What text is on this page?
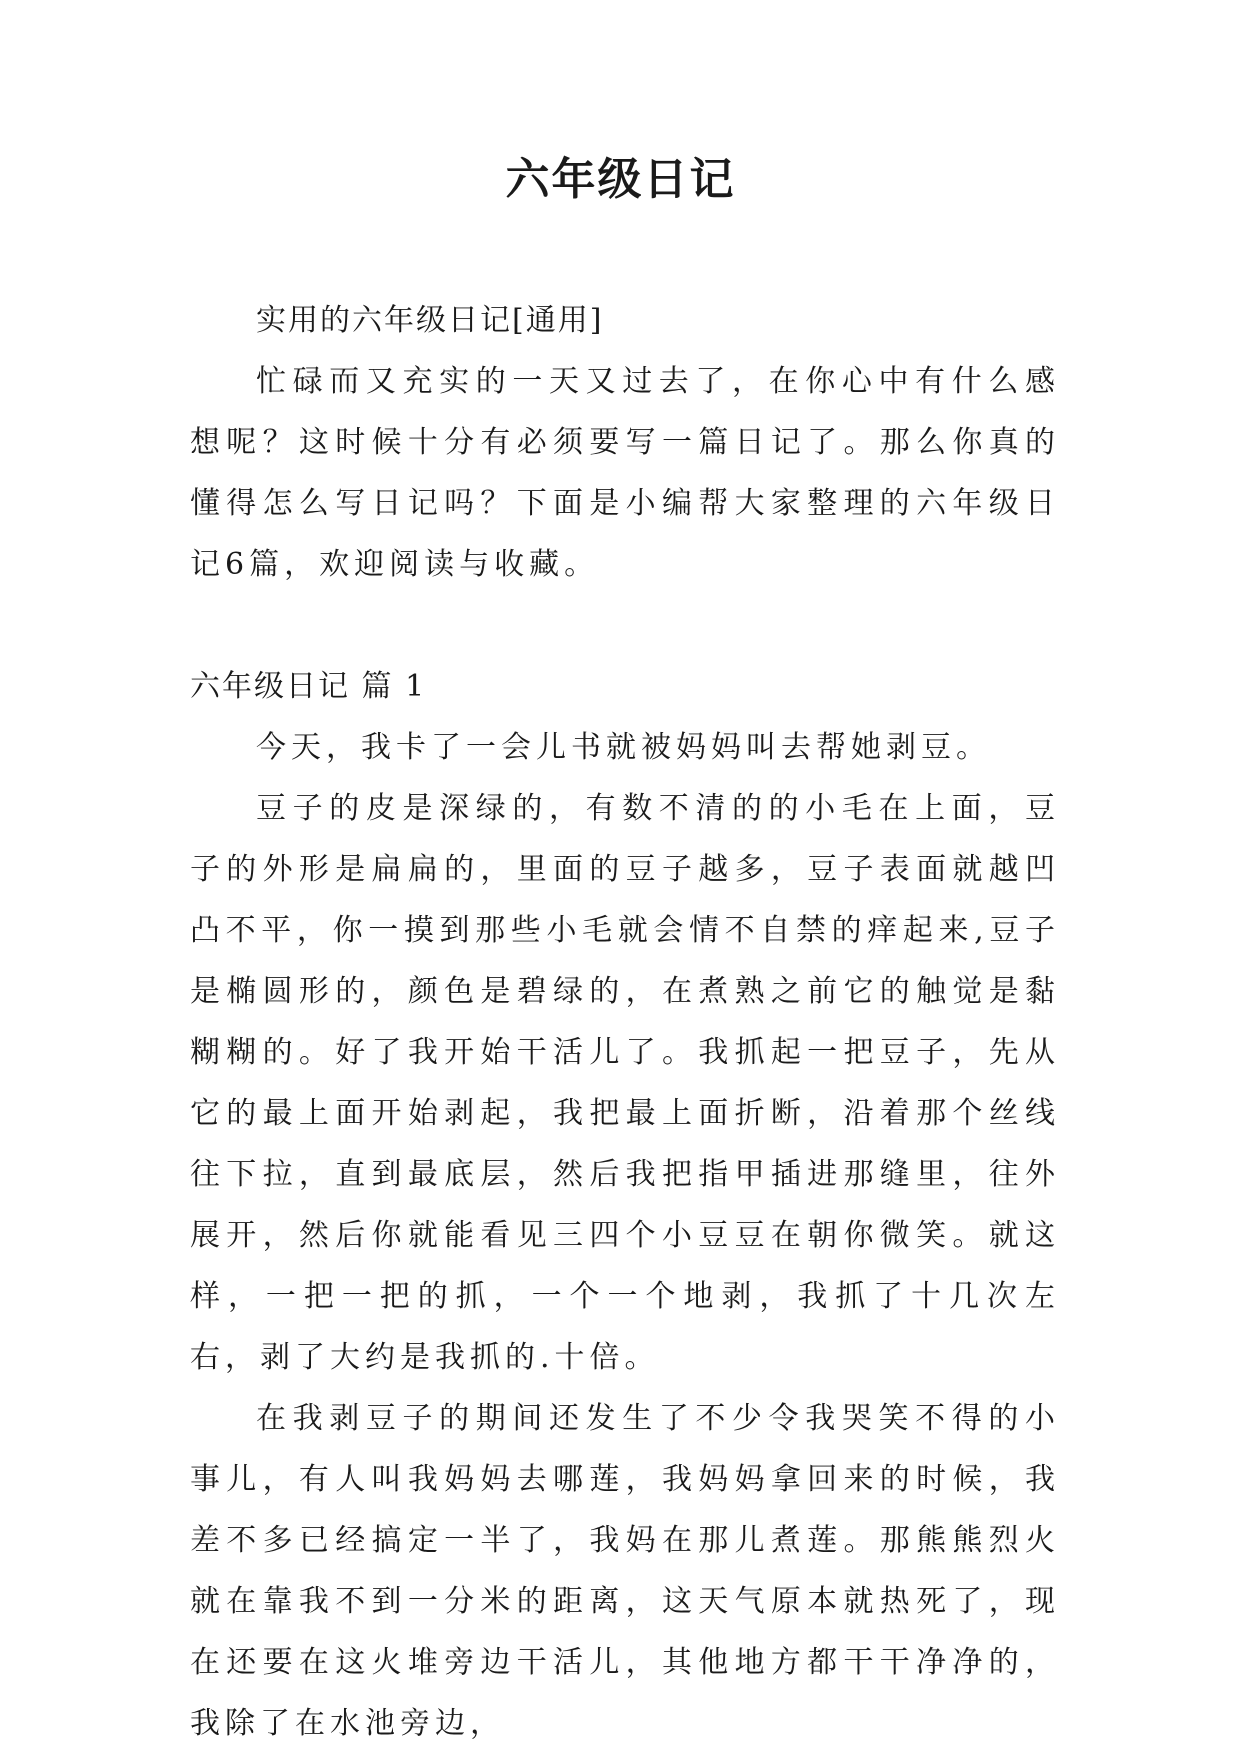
六年级日记

实用的六年级日记[通用]

忙碌而又充实的一天又过去了，在你心中有什么感想呢？这时候十分有必须要写一篇日记了。那么你真的懂得怎么写日记吗？下面是小编帮大家整理的六年级日记6篇，欢迎阅读与收藏。

六年级日记 篇 1

今天，我卡了一会儿书就被妈妈叫去帮她剥豆。

豆子的皮是深绿的，有数不清的的小毛在上面，豆子的外形是扁扁的，里面的豆子越多，豆子表面就越凹凸不平，你一摸到那些小毛就会情不自禁的痒起来,豆子是椭圆形的，颜色是碧绿的，在煮熟之前它的触觉是黏糊糊的。好了我开始干活儿了。我抓起一把豆子，先从它的最上面开始剥起，我把最上面折断，沿着那个丝线往下拉，直到最底层，然后我把指甲插进那缝里，往外展开，然后你就能看见三四个小豆豆在朝你微笑。就这样，一把一把的抓，一个一个地剥，我抓了十几次左右，剥了大约是我抓的.十倍。

在我剥豆子的期间还发生了不少令我哭笑不得的小事儿，有人叫我妈妈去哪莲，我妈妈拿回来的时候，我差不多已经搞定一半了，我妈在那儿煮莲。那熊熊烈火就在靠我不到一分米的距离，这天气原本就热死了，现在还要在这火堆旁边干活儿，其他地方都干干净净的，我除了在水池旁边，
